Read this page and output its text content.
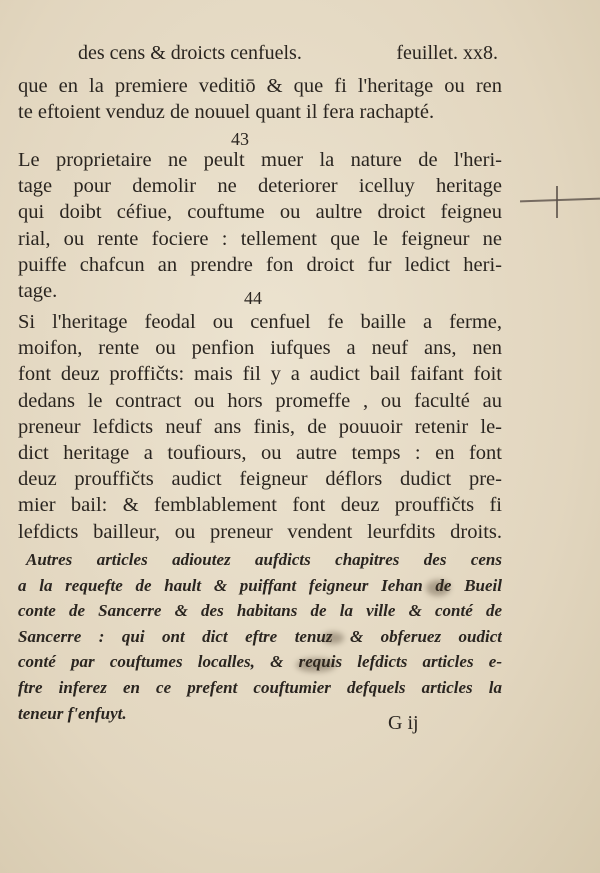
des cens & droicts cenfuels.	feuillet. xx8.
que en la premiere veditiō & que fi l'heritage ou ren
te eftoient venduz de nouuel quant il fera rachapté.
43
Le proprietaire ne peult muer la nature de l'heri-
tage pour demolir ne deteriorer icelluy heritage
qui doibt céfiue, couftume ou aultre droict feigneu
rial, ou rente fociere : tellement que le feigneur ne
puiffe chafcun an prendre fon droict fur ledict heri-
tage.	44
Si l'heritage feodal ou cenfuel fe baille a ferme,
moifon, rente ou penfion iufques a neuf ans, nen
font deuz proffičts: mais fil y a audict bail faifant foit
dedans le contract ou hors promeffe , ou faculté au
preneur lefdicts neuf ans finis, de pouuoir retenir le-
dict heritage a toufiours, ou autre temps : en font
deuz prouffičts audict feigneur déflors dudict pre-
mier bail: & femblablement font deuz prouffičts fi
lefdicts bailleur, ou preneur vendent leurfdits droits.
Autres articles adioutez aufdicts chapitres des cens
a la requefte de hault & puiffant feigneur Iehan de Bueil
conte de Sancerre & des habitans de la ville & conté de
Sancerre : qui ont dict eftre tenuz & obferuez oudict
conté par couftumes localles, & requis lefdicts articles e-
ftre inferez en ce prefent couftumier defquels articles la
teneur f'enfuyt.	G ij
